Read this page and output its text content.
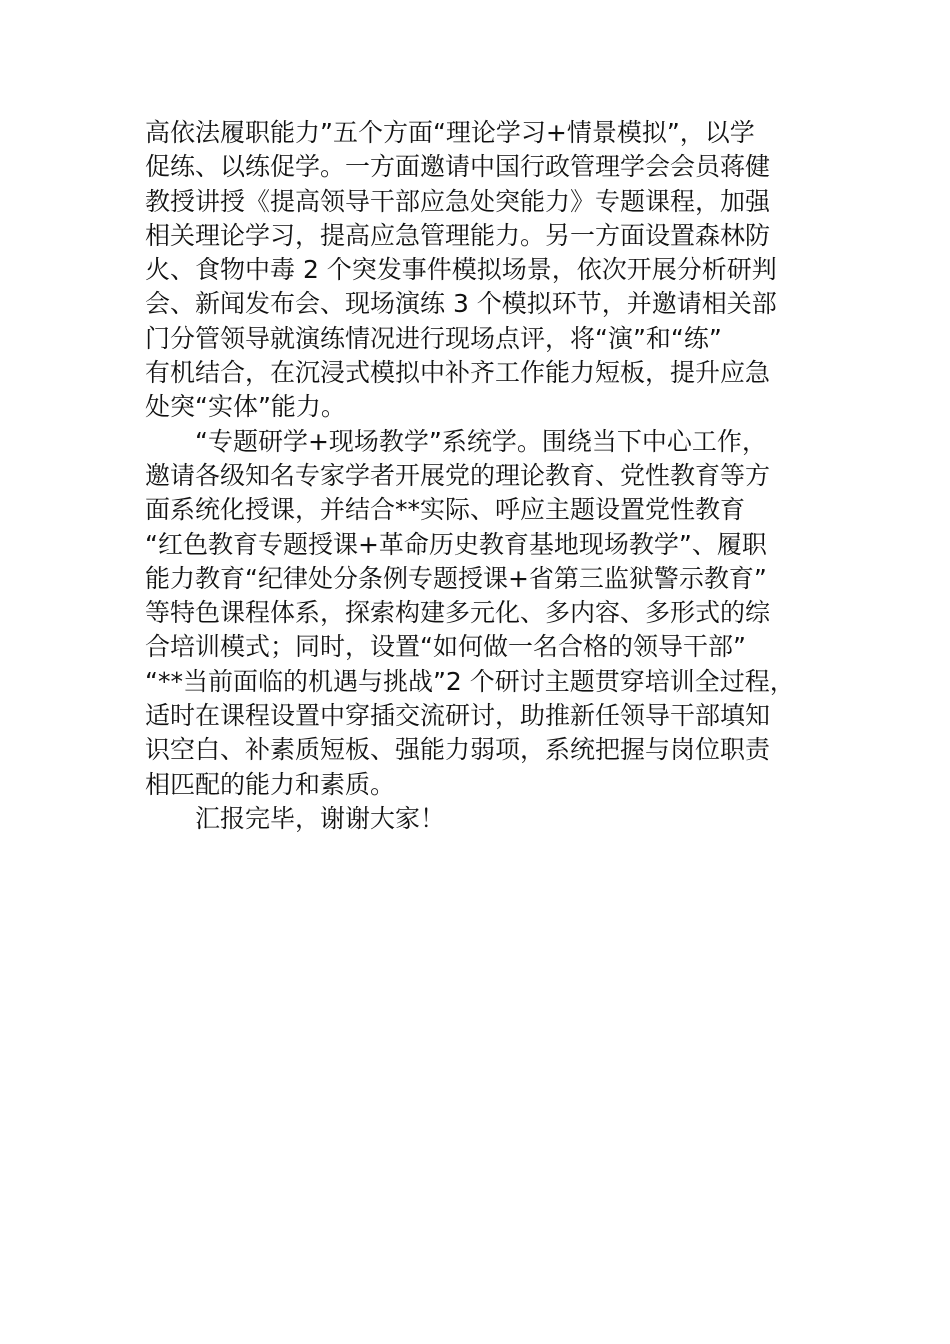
高依法履职能力”五个方面“理论学习+情景模拟”，以学
促练、以练促学。一方面邀请中国行政管理学会会员蒋健
教授讲授《提高领导干部应急处突能力》专题课程，加强
相关理论学习，提高应急管理能力。另一方面设置森林防
火、食物中毒 2 个突发事件模拟场景，依次开展分析研判
会、新闻发布会、现场演练 3 个模拟环节，并邀请相关部
门分管领导就演练情况进行现场点评，将“演”和“练”
有机结合，在沉浸式模拟中补齐工作能力短板，提升应急
处突“实体”能力。
“专题研学+现场教学”系统学。围绕当下中心工作，
邀请各级知名专家学者开展党的理论教育、党性教育等方
面系统化授课，并结合**实际、呼应主题设置党性教育
“红色教育专题授课+革命历史教育基地现场教学”、履职
能力教育“纪律处分条例专题授课+省第三监狱警示教育”
等特色课程体系，探索构建多元化、多内容、多形式的综
合培训模式；同时，设置“如何做一名合格的领导干部”
“**当前面临的机遇与挑战”2 个研讨主题贯穿培训全过程，
适时在课程设置中穿插交流研讨，助推新任领导干部填知
识空白、补素质短板、强能力弱项，系统把握与岗位职责
相匹配的能力和素质。
汇报完毕，谢谢大家！
